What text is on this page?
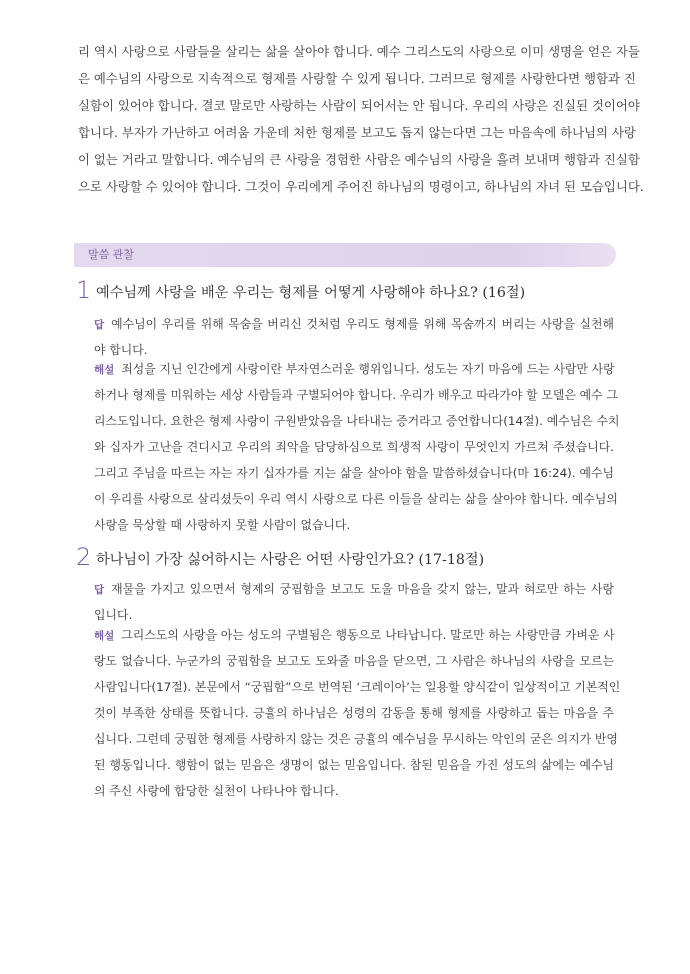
리 역시 사랑으로 사람들을 살리는 삶을 살아야 합니다. 예수 그리스도의 사랑으로 이미 생명을 얻은 자들
은 예수님의 사랑으로 지속적으로 형제를 사랑할 수 있게 됩니다. 그러므로 형제를 사랑한다면 행함과 진
실함이 있어야 합니다. 결코 말로만 사랑하는 사람이 되어서는 안 됩니다. 우리의 사랑은 진실된 것이어야
합니다. 부자가 가난하고 어려움 가운데 처한 형제를 보고도 돕지 않는다면 그는 마음속에 하나님의 사랑
이 없는 거라고 말합니다. 예수님의 큰 사랑을 경험한 사람은 예수님의 사랑을 흘려 보내며 행함과 진실함
으로 사랑할 수 있어야 합니다. 그것이 우리에게 주어진 하나님의 명령이고, 하나님의 자녀 된 모습입니다.
말씀 관찰
1 예수님께 사랑을 배운 우리는 형제를 어떻게 사랑해야 하나요? (16절)
답 예수님이 우리를 위해 목숨을 버리신 것처럼 우리도 형제를 위해 목숨까지 버리는 사랑을 실천해
야 합니다.
해설 죄성을 지닌 인간에게 사랑이란 부자연스러운 행위입니다. 성도는 자기 마음에 드는 사람만 사랑
하거나 형제를 미워하는 세상 사람들과 구별되어야 합니다. 우리가 배우고 따라가야 할 모델은 예수 그
리스도입니다. 요한은 형제 사랑이 구원받았음을 나타내는 증거라고 증언합니다(14절). 예수님은 수치
와 십자가 고난을 견디시고 우리의 죄악을 담당하심으로 희생적 사랑이 무엇인지 가르쳐 주셨습니다.
그리고 주님을 따르는 자는 자기 십자가를 지는 삶을 살아야 함을 말씀하셨습니다(마 16:24). 예수님
이 우리를 사랑으로 살리셨듯이 우리 역시 사랑으로 다른 이들을 살리는 삶을 살아야 합니다. 예수님의
사랑을 묵상할 때 사랑하지 못할 사람이 없습니다.
2 하나님이 가장 싫어하시는 사랑은 어떤 사랑인가요? (17-18절)
답 재물을 가지고 있으면서 형제의 궁핍함을 보고도 도울 마음을 갖지 않는, 말과 혀로만 하는 사랑
입니다.
해설 그리스도의 사랑을 아는 성도의 구별됨은 행동으로 나타납니다. 말로만 하는 사랑만큼 가벼운 사
랑도 없습니다. 누군가의 궁핍함을 보고도 도와줄 마음을 닫으면, 그 사람은 하나님의 사랑을 모르는
사람입니다(17절). 본문에서 “궁핍함”으로 번역된 ‘크레이아’는 일용할 양식같이 일상적이고 기본적인
것이 부족한 상태를 뜻합니다. 긍휼의 하나님은 성령의 감동을 통해 형제를 사랑하고 돕는 마음을 주
십니다. 그런데 궁핍한 형제를 사랑하지 않는 것은 긍휼의 예수님을 무시하는 악인의 굳은 의지가 반영
된 행동입니다. 행함이 없는 믿음은 생명이 없는 믿음입니다. 참된 믿음을 가진 성도의 삶에는 예수님
의 주신 사랑에 합당한 실천이 나타나야 합니다.
